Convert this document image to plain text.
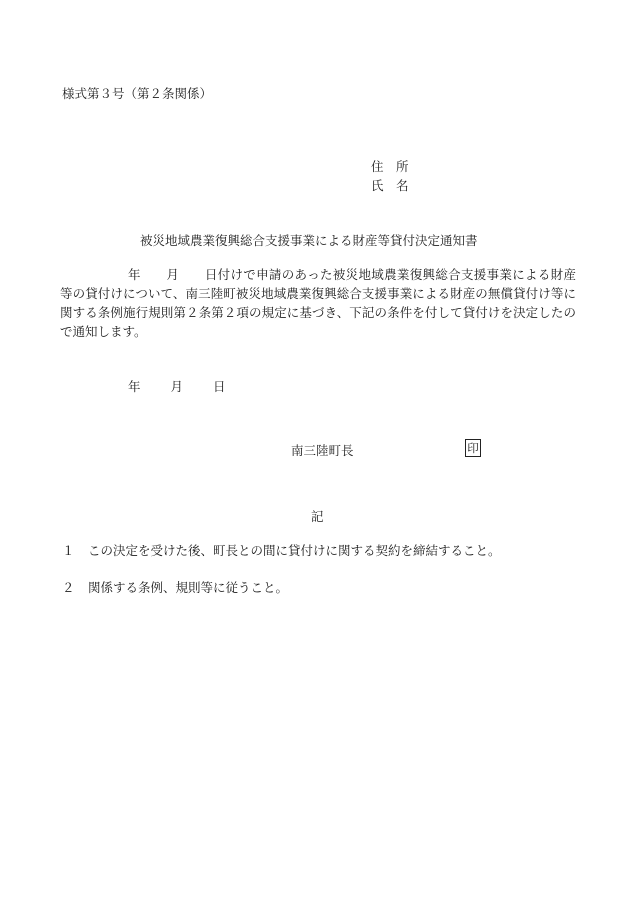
様式第３号（第２条関係）
住　所
氏　名
被災地域農業復興総合支援事業による財産等貸付決定通知書
年　　月　　日付けで申請のあった被災地域農業復興総合支援事業による財産等の貸付けについて、南三陸町被災地域農業復興総合支援事業による財産の無償貸付け等に関する条例施行規則第２条第２項の規定に基づき、下記の条件を付して貸付けを決定したので通知します。
年 月 日
南三陸町長	印
記
１ この決定を受けた後、町長との間に貸付けに関する契約を締結すること。
２ 関係する条例、規則等に従うこと。
